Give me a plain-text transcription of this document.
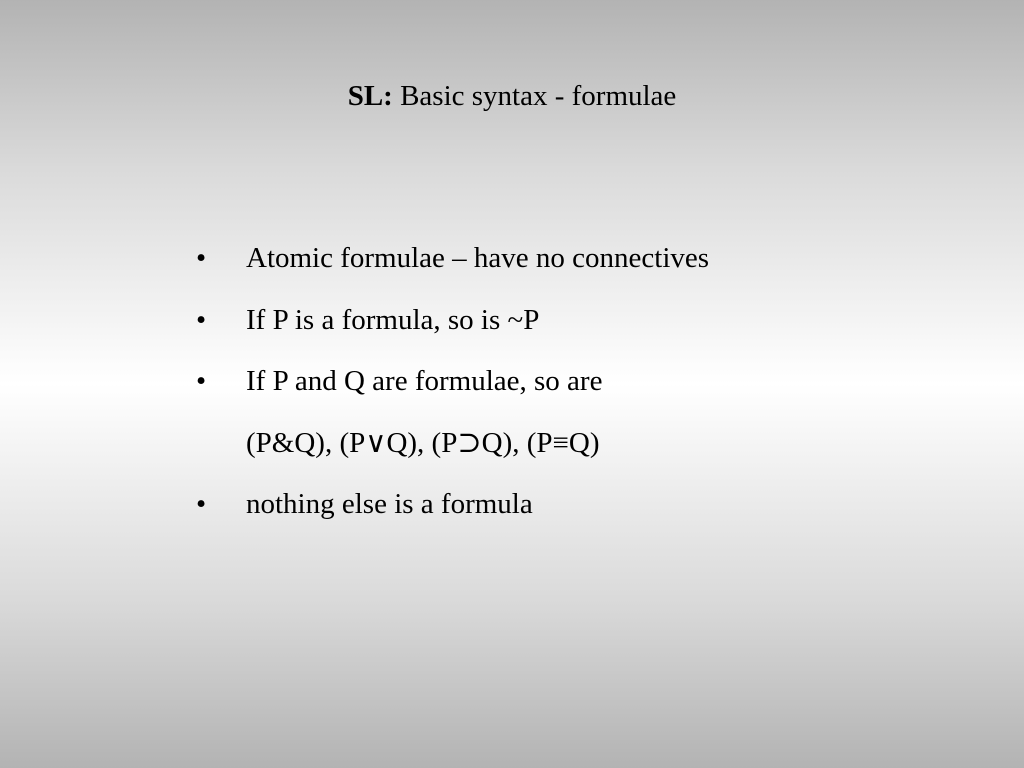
SL: Basic syntax - formulae
•	Atomic formulae – have no connectives
•	If P is a formula, so is ~P
•	If P and Q are formulae, so are
(P&Q), (P∨Q), (P⊃Q), (P≡Q)
•	nothing else is a formula
